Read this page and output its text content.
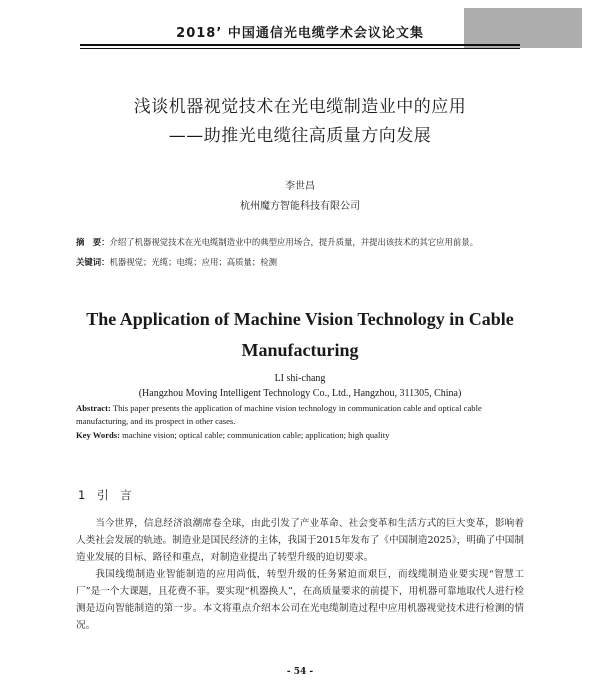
2018’ 中国通信光电缆学术会议论文集
浅谈机器视觉技术在光电缆制造业中的应用
——助推光电缆往高质量方向发展
李世昌
杭州魔方智能科技有限公司
摘　要：介绍了机器视觉技术在光电缆制造业中的典型应用场合，提升质量，并提出该技术的其它应用前景。
关键词：机器视觉；光缆；电缆；应用；高质量；检测
The Application of Machine Vision Technology in Cable
Manufacturing
LI shi-chang
(Hangzhou Moving Intelligent Technology Co., Ltd., Hangzhou, 311305, China)
Abstract: This paper presents the application of machine vision technology in communication cable and optical cable manufacturing, and its prospect in other cases.
Key Words: machine vision; optical cable; communication cable; application; high quality
1 引 言

当今世界，信息经济浪潮席卷全球，由此引发了产业革命、社会变革和生活方式的巨大变革，影响着人类社会发展的轨迹。制造业是国民经济的主体，我国于2015年发布了《中国制造2025》，明确了中国制造业发展的目标、路径和重点，对制造业提出了转型升级的迫切要求。

我国线缆制造业智能制造的应用尚低，转型升级的任务紧迫而艰巨，而线缆制造业要实现“智慧工厂”是一个大课题，且花费不菲。要实现“机器换人”，在高质量要求的前提下，用机器可靠地取代人进行检测是迈向智能制造的第一步。本文将重点介绍本公司在光电缆制造过程中应用机器视觉技术进行检测的情况。

- 54 -
